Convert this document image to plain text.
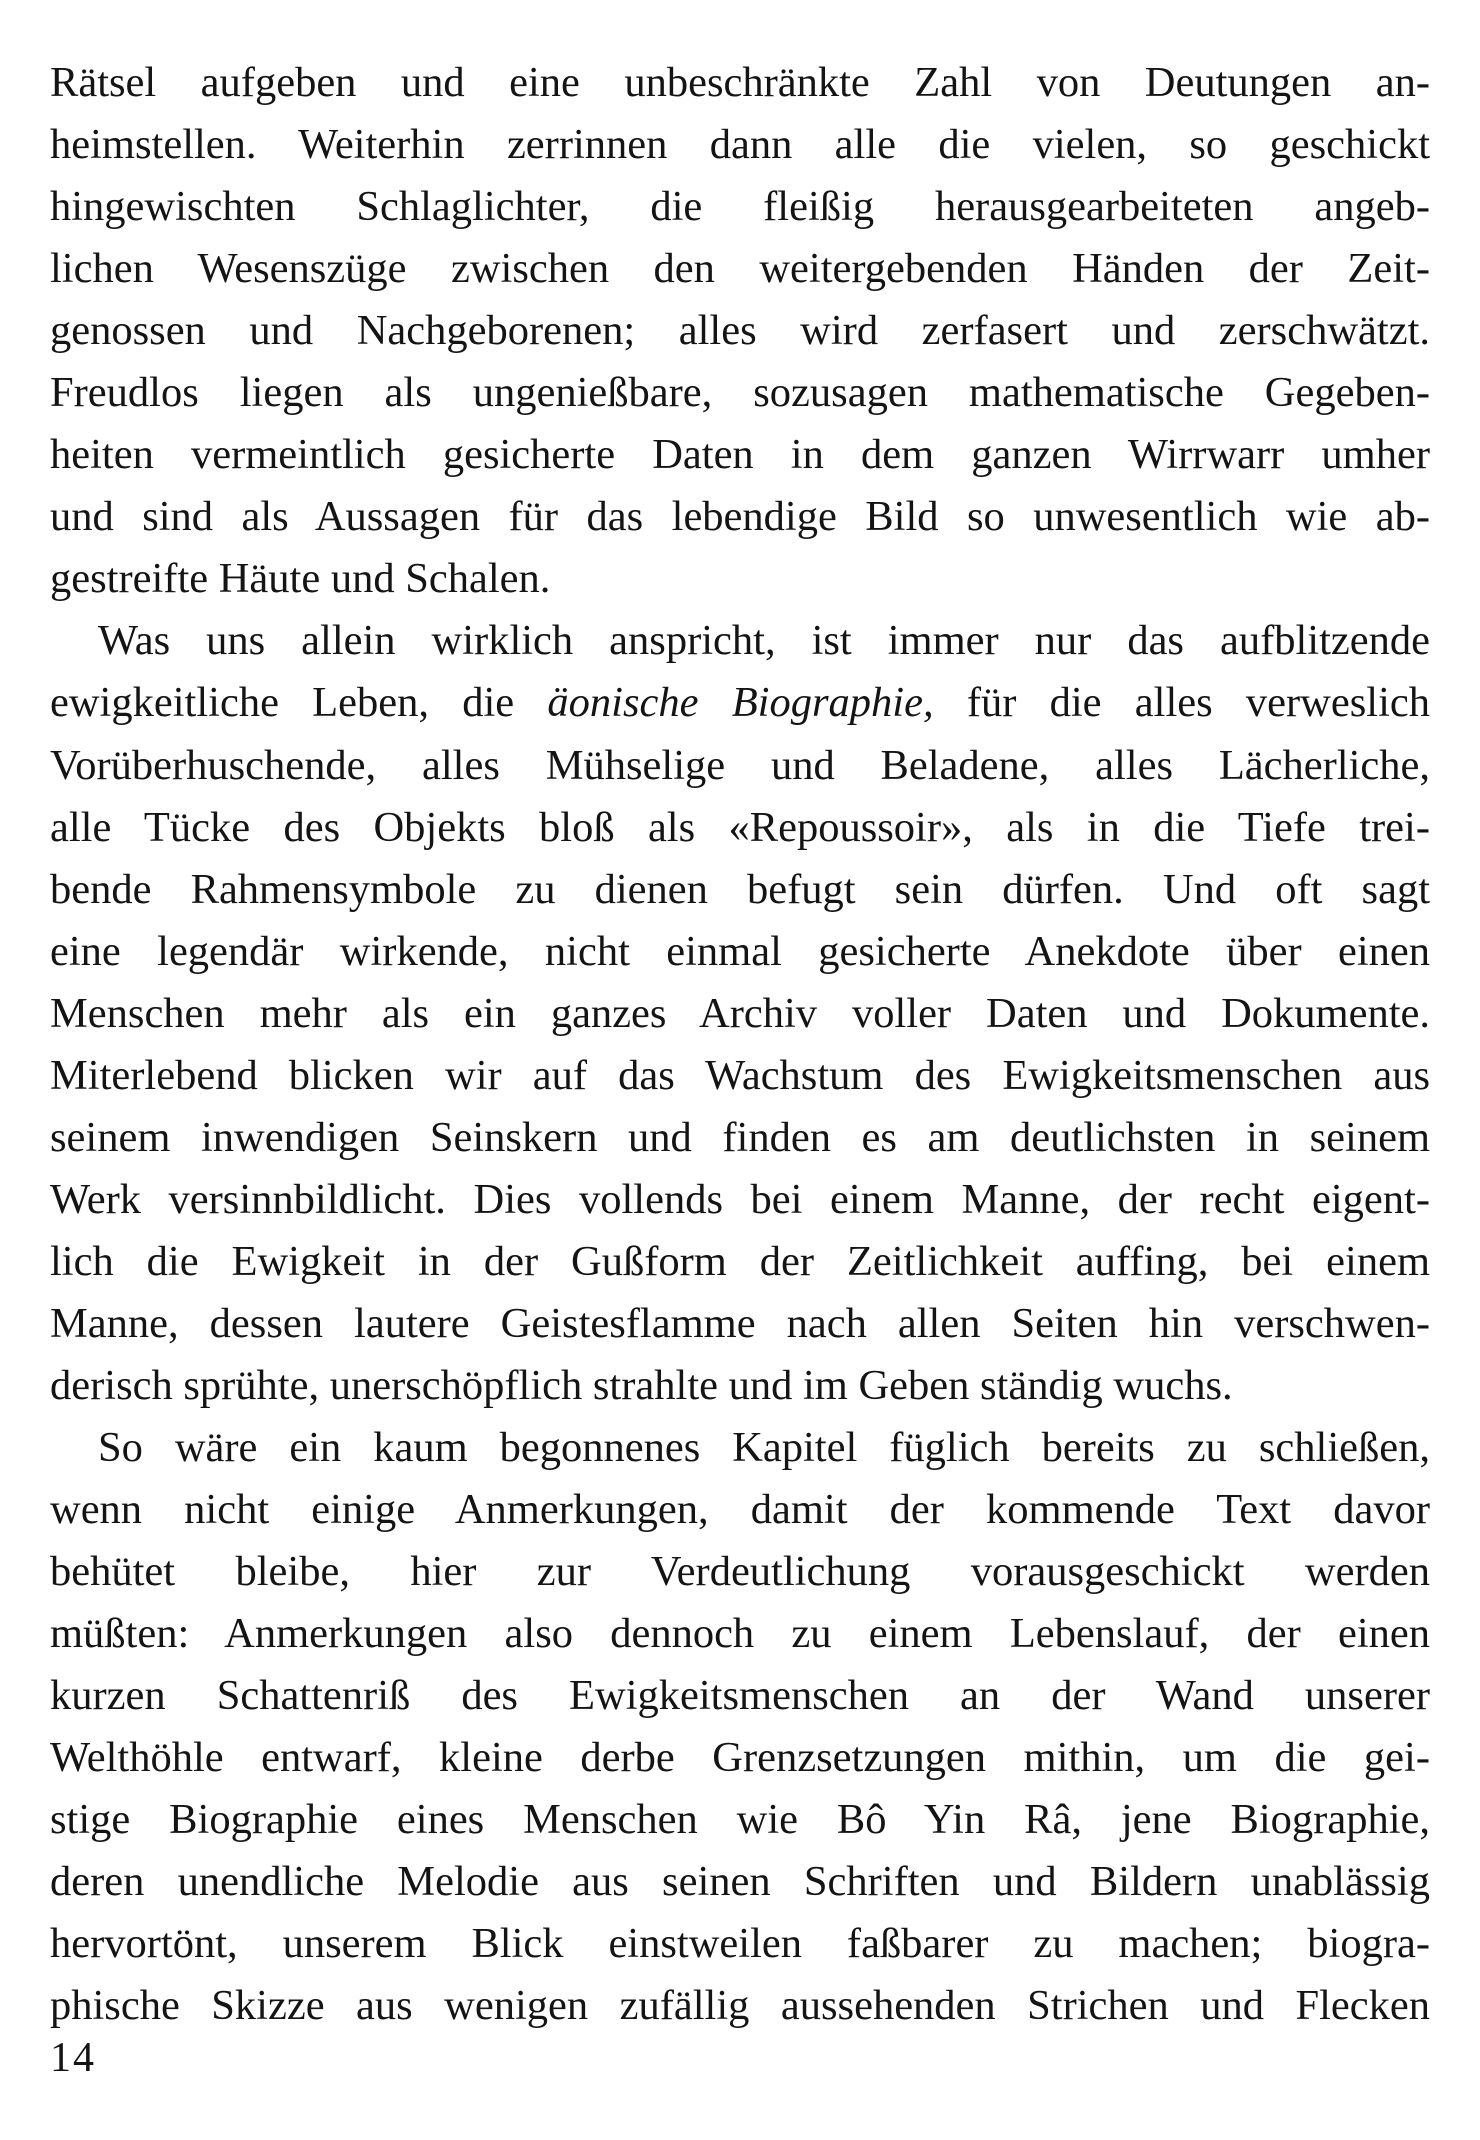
Rätsel aufgeben und eine unbeschränkte Zahl von Deutungen an-
heimstellen. Weiterhin zerrinnen dann alle die vielen, so geschickt
hingewischten Schlaglichter, die fleißig herausgearbeiteten angeb-
lichen Wesenszüge zwischen den weitergebenden Händen der Zeit-
genossen und Nachgeborenen; alles wird zerfasert und zerschwätzt.
Freudlos liegen als ungenießbare, sozusagen mathematische Gegeben-
heiten vermeintlich gesicherte Daten in dem ganzen Wirrwarr umher
und sind als Aussagen für das lebendige Bild so unwesentlich wie ab-
gestreifte Häute und Schalen.
Was uns allein wirklich anspricht, ist immer nur das aufblitzende
ewigkeitliche Leben, die äonische Biographie, für die alles verweslich
Vorüberhuschende, alles Mühselige und Beladene, alles Lächerliche,
alle Tücke des Objekts bloß als «Repoussoir», als in die Tiefe trei-
bende Rahmensymbole zu dienen befugt sein dürfen. Und oft sagt
eine legendär wirkende, nicht einmal gesicherte Anekdote über einen
Menschen mehr als ein ganzes Archiv voller Daten und Dokumente.
Miterlebend blicken wir auf das Wachstum des Ewigkeitsmenschen aus
seinem inwendigen Seinskern und finden es am deutlichsten in seinem
Werk versinnbildlicht. Dies vollends bei einem Manne, der recht eigent-
lich die Ewigkeit in der Gußform der Zeitlichkeit auffing, bei einem
Manne, dessen lautere Geistesflamme nach allen Seiten hin verschwen-
derisch sprühte, unerschöpflich strahlte und im Geben ständig wuchs.
So wäre ein kaum begonnenes Kapitel füglich bereits zu schließen,
wenn nicht einige Anmerkungen, damit der kommende Text davor
behütet bleibe, hier zur Verdeutlichung vorausgeschickt werden
müßten: Anmerkungen also dennoch zu einem Lebenslauf, der einen
kurzen Schattenriß des Ewigkeitsmenschen an der Wand unserer
Welthöhle entwarf, kleine derbe Grenzsetzungen mithin, um die gei-
stige Biographie eines Menschen wie Bô Yin Râ, jene Biographie,
deren unendliche Melodie aus seinen Schriften und Bildern unablässig
hervortönt, unserem Blick einstweilen faßbarer zu machen; biogra-
phische Skizze aus wenigen zufällig aussehenden Strichen und Flecken
14
